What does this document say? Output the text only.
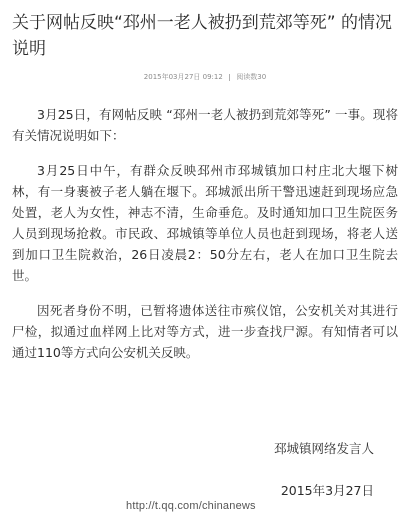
关于网帖反映“邳州一老人被扔到荒郊等死” 的情况说明
2015年03月27日 09:12 阅读数30

3月25日，有网帖反映 “邳州一老人被扔到荒郊等死” 一事。现将有关情况说明如下：

3月25日中午，有群众反映邳州市邳城镇加口村庄北大堰下树林，有一身裹被子老人躺在堰下。邳城派出所干警迅速赶到现场应急处置，老人为女性，神志不清，生命垂危。及时通知加口卫生院医务人员到现场抢救。市民政、邳城镇等单位人员也赶到现场，将老人送到加口卫生院救治，26日凌晨2：50分左右，老人在加口卫生院去世。

因死者身份不明，已暂将遗体送往市殡仪馆，公安机关对其进行尸检，拟通过血样网上比对等方式，进一步查找尸源。有知情者可以通过110等方式向公安机关反映。

邳城镇网络发言人
2015年3月27日
http://t.qq.com/chinanews
